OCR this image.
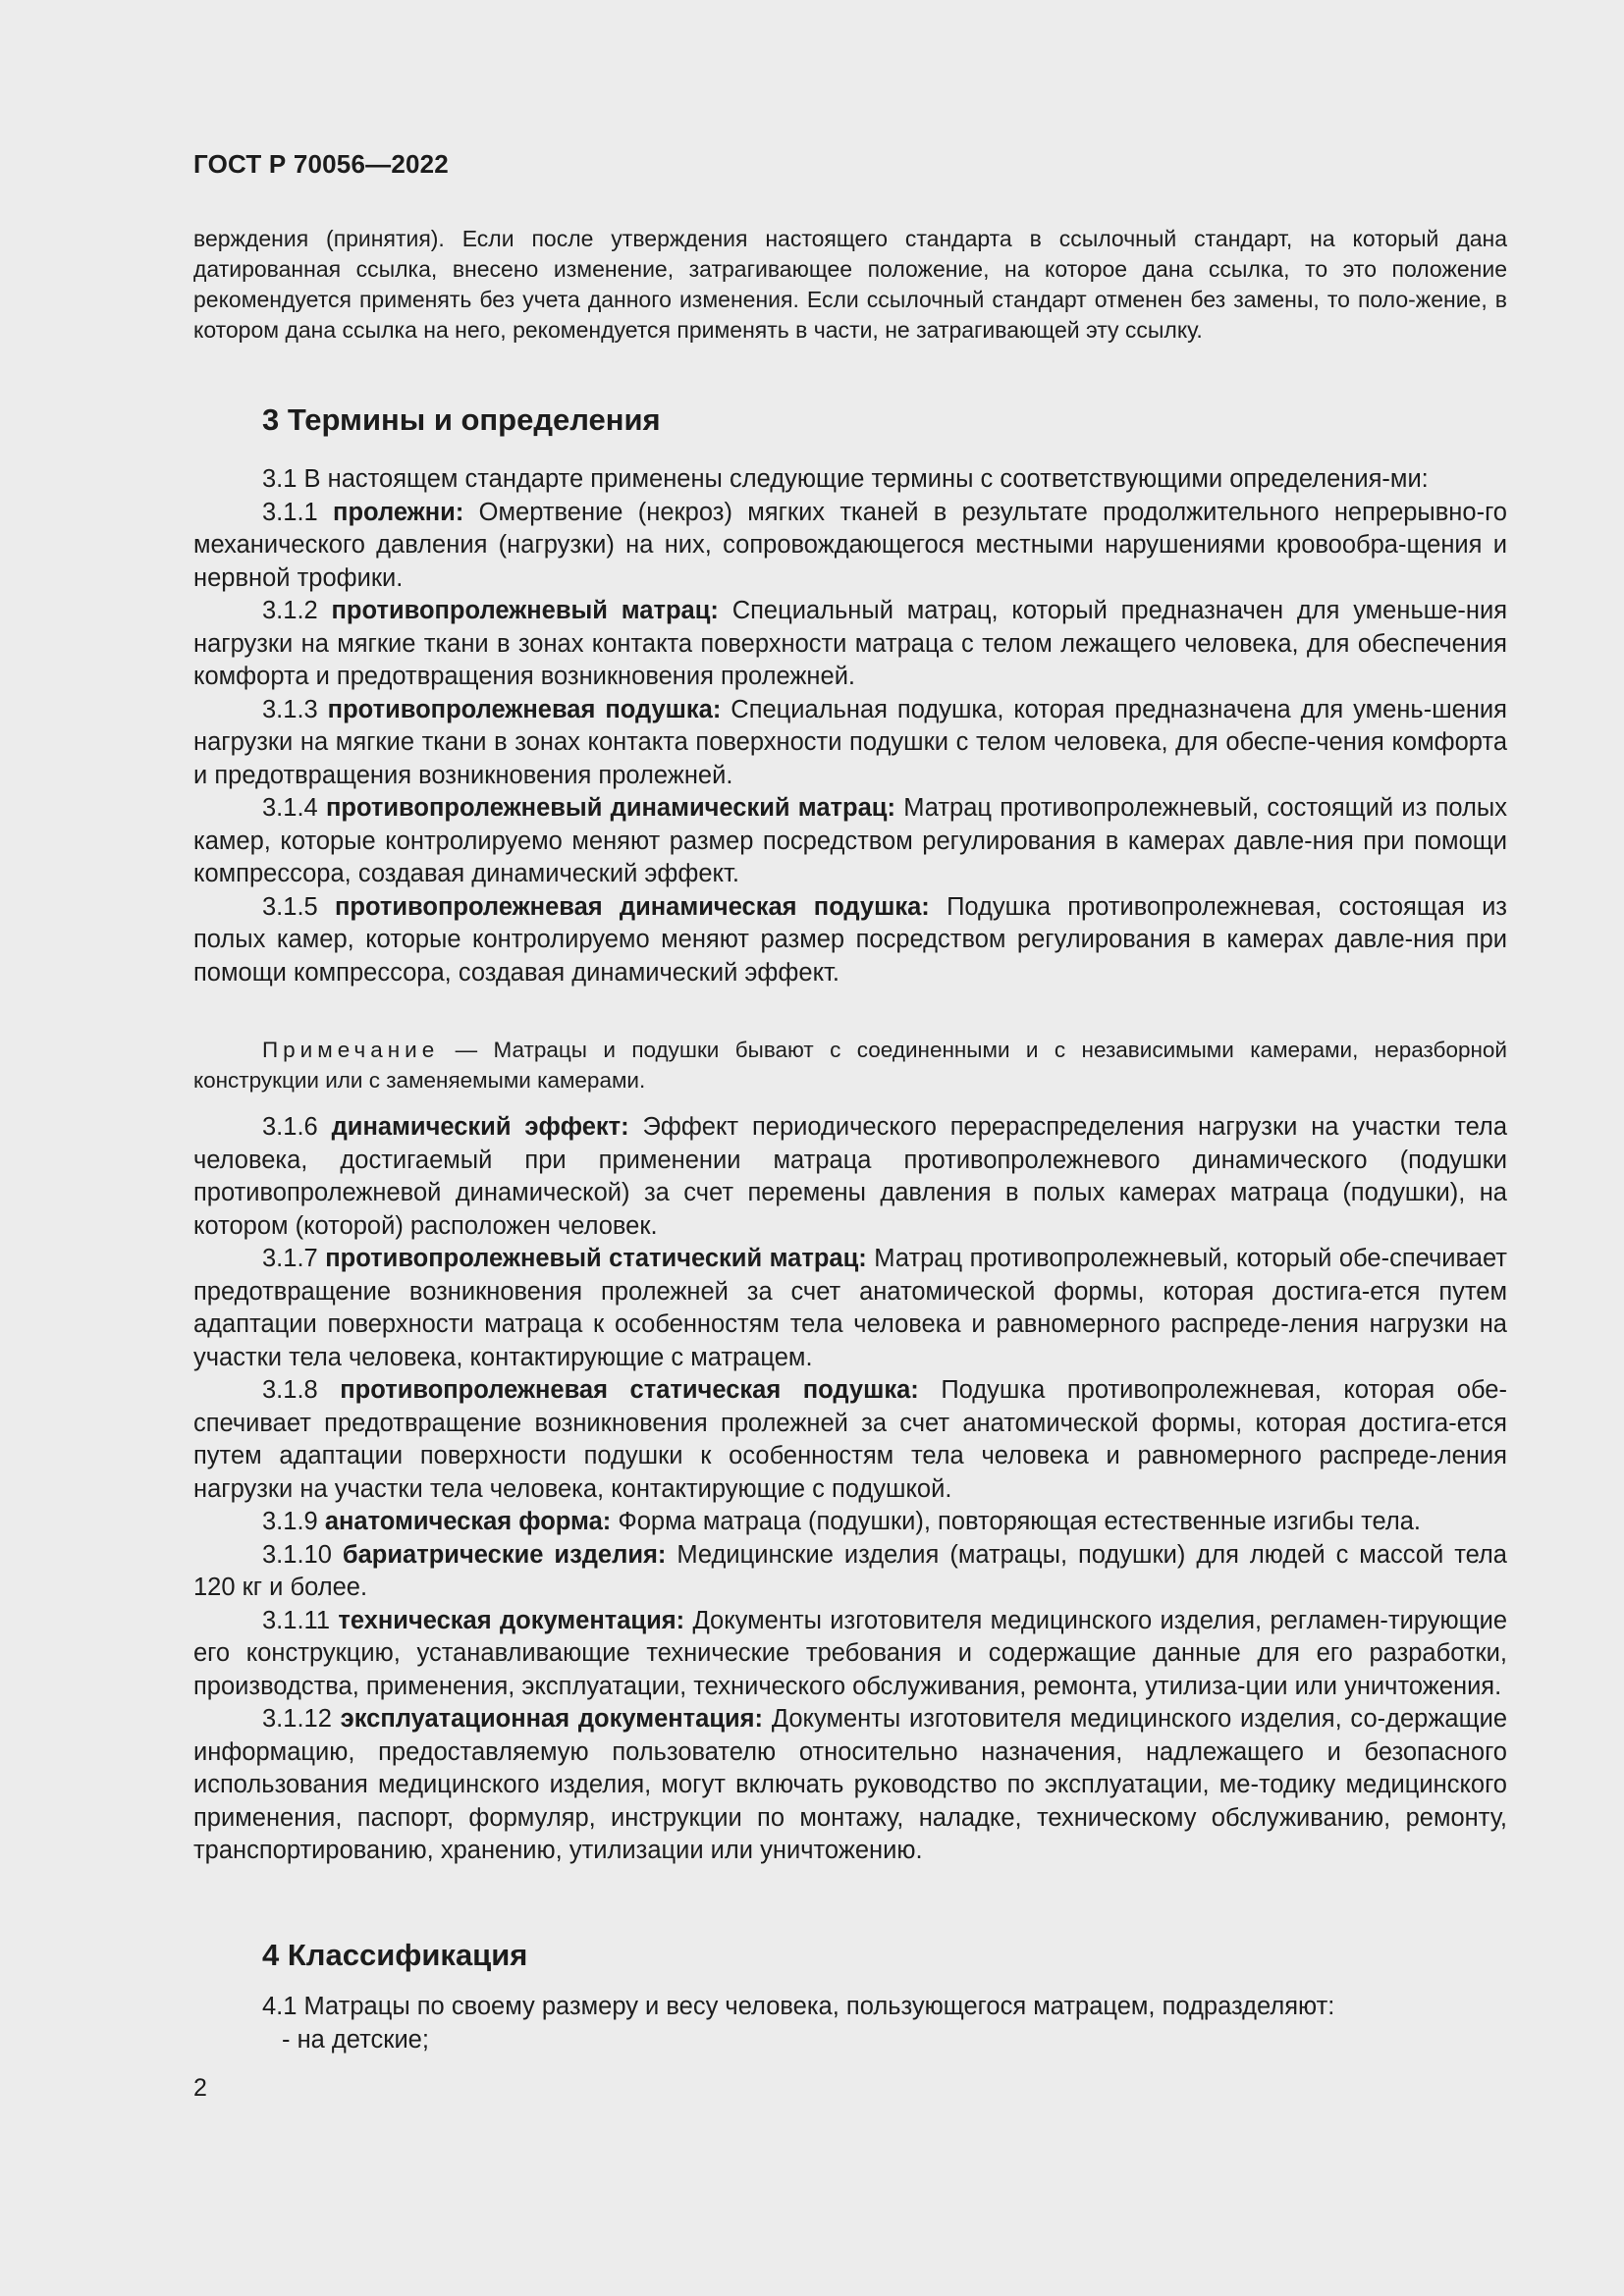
ГОСТ Р 70056—2022

верждения (принятия). Если после утверждения настоящего стандарта в ссылочный стандарт, на который дана датированная ссылка, внесено изменение, затрагивающее положение, на которое дана ссылка, то это положение рекомендуется применять без учета данного изменения. Если ссылочный стандарт отменен без замены, то поло-жение, в котором дана ссылка на него, рекомендуется применять в части, не затрагивающей эту ссылку.

3 Термины и определения

3.1 В настоящем стандарте применены следующие термины с соответствующими определения-ми:

3.1.1 пролежни: Омертвение (некроз) мягких тканей в результате продолжительного непрерывно-го механического давления (нагрузки) на них, сопровождающегося местными нарушениями кровообра-щения и нервной трофики.

3.1.2 противопролежневый матрац: Специальный матрац, который предназначен для уменьше-ния нагрузки на мягкие ткани в зонах контакта поверхности матраца с телом лежащего человека, для обеспечения комфорта и предотвращения возникновения пролежней.

3.1.3 противопролежневая подушка: Специальная подушка, которая предназначена для умень-шения нагрузки на мягкие ткани в зонах контакта поверхности подушки с телом человека, для обеспе-чения комфорта и предотвращения возникновения пролежней.

3.1.4 противопролежневый динамический матрац: Матрац противопролежневый, состоящий из полых камер, которые контролируемо меняют размер посредством регулирования в камерах давле-ния при помощи компрессора, создавая динамический эффект.

3.1.5 противопролежневая динамическая подушка: Подушка противопролежневая, состоящая из полых камер, которые контролируемо меняют размер посредством регулирования в камерах давле-ния при помощи компрессора, создавая динамический эффект.

Примечание — Матрацы и подушки бывают с соединенными и с независимыми камерами, неразборной конструкции или с заменяемыми камерами.

3.1.6 динамический эффект: Эффект периодического перераспределения нагрузки на участки тела человека, достигаемый при применении матраца противопролежневого динамического (подушки противопролежневой динамической) за счет перемены давления в полых камерах матраца (подушки), на котором (которой) расположен человек.

3.1.7 противопролежневый статический матрац: Матрац противопролежневый, который обе-спечивает предотвращение возникновения пролежней за счет анатомической формы, которая достига-ется путем адаптации поверхности матраца к особенностям тела человека и равномерного распреде-ления нагрузки на участки тела человека, контактирующие с матрацем.

3.1.8 противопролежневая статическая подушка: Подушка противопролежневая, которая обе-спечивает предотвращение возникновения пролежней за счет анатомической формы, которая достига-ется путем адаптации поверхности подушки к особенностям тела человека и равномерного распреде-ления нагрузки на участки тела человека, контактирующие с подушкой.

3.1.9 анатомическая форма: Форма матраца (подушки), повторяющая естественные изгибы тела.

3.1.10 бариатрические изделия: Медицинские изделия (матрацы, подушки) для людей с массой тела 120 кг и более.

3.1.11 техническая документация: Документы изготовителя медицинского изделия, регламен-тирующие его конструкцию, устанавливающие технические требования и содержащие данные для его разработки, производства, применения, эксплуатации, технического обслуживания, ремонта, утилиза-ции или уничтожения.

3.1.12 эксплуатационная документация: Документы изготовителя медицинского изделия, со-держащие информацию, предоставляемую пользователю относительно назначения, надлежащего и безопасного использования медицинского изделия, могут включать руководство по эксплуатации, ме-тодику медицинского применения, паспорт, формуляр, инструкции по монтажу, наладке, техническому обслуживанию, ремонту, транспортированию, хранению, утилизации или уничтожению.

4 Классификация

4.1 Матрацы по своему размеру и весу человека, пользующегося матрацем, подразделяют:

- на детские;

2
